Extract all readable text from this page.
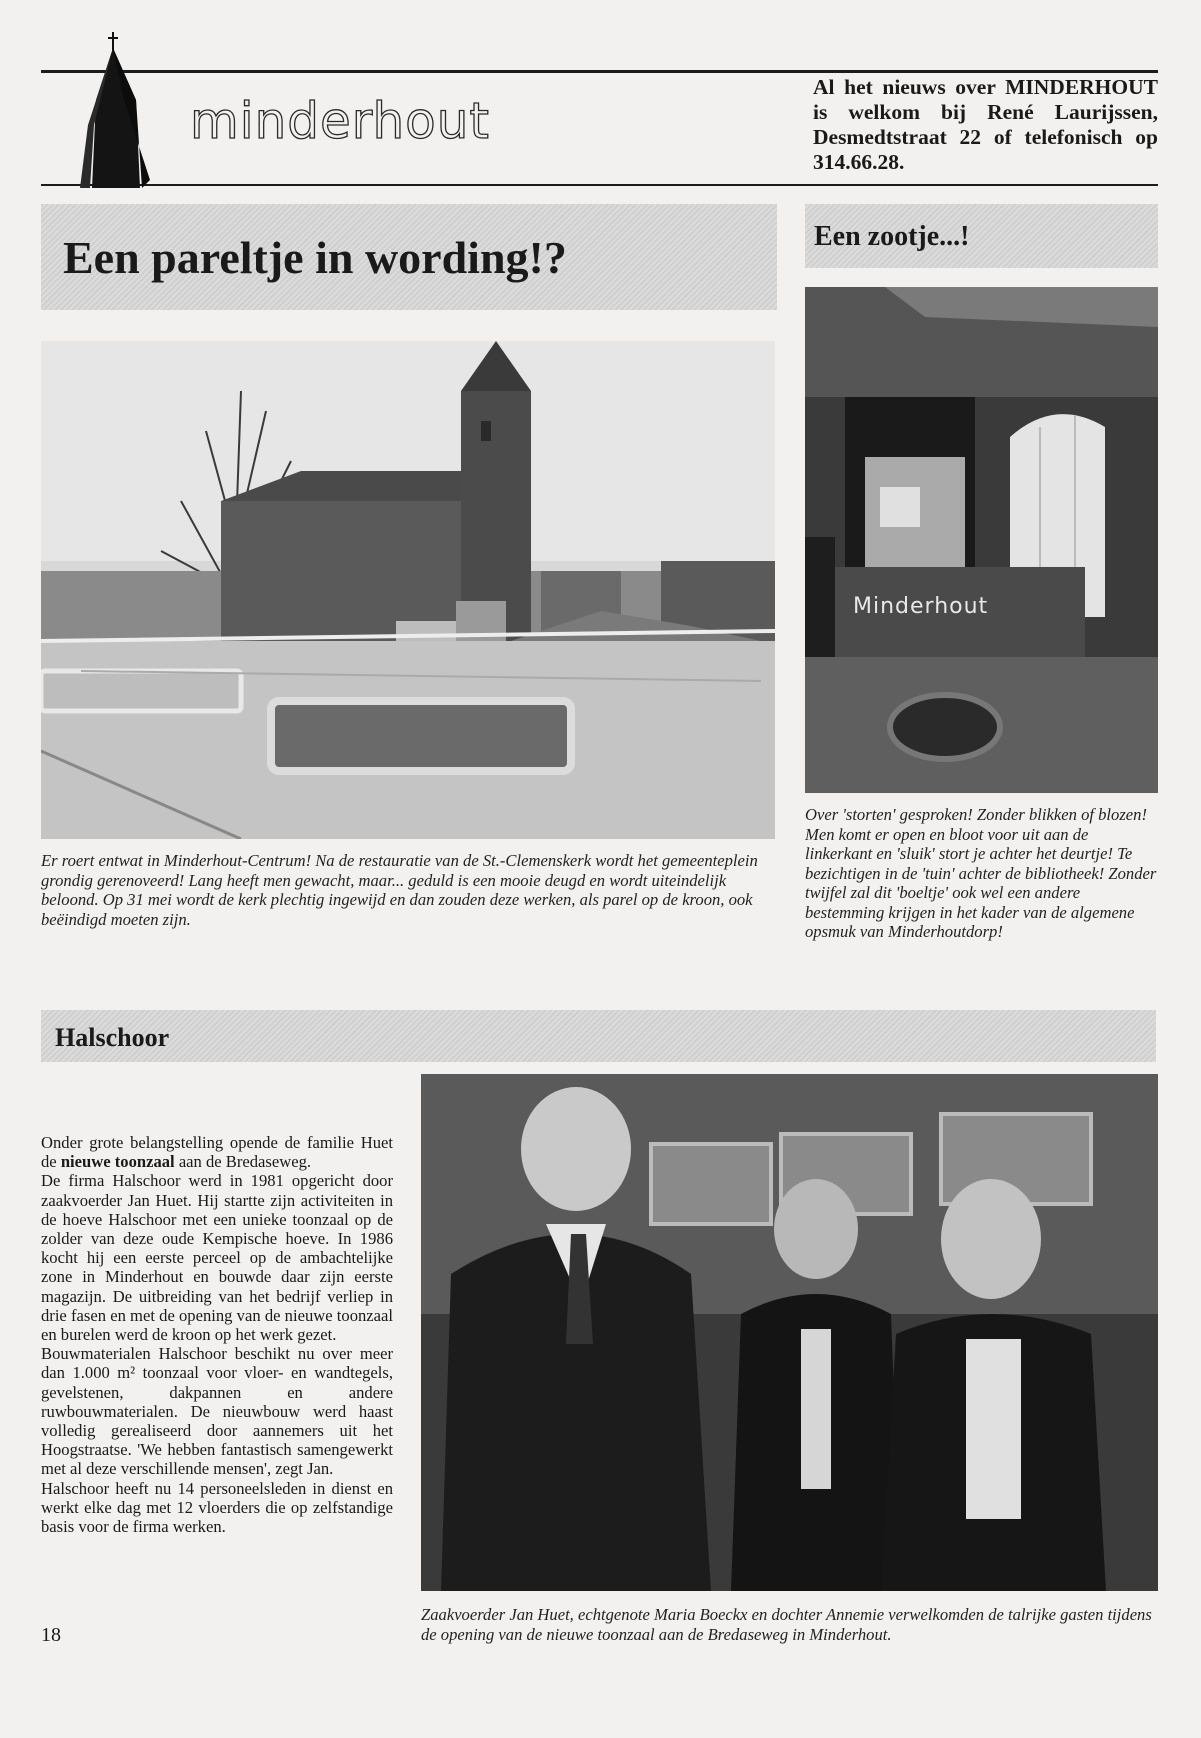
minderhout
Al het nieuws over MINDERHOUT is welkom bij René Laurijssen, Desmedtstraat 22 of telefonisch op 314.66.28.
Een pareltje in wording!?
Er roert entwat in Minderhout-Centrum! Na de restauratie van de St.-Clemenskerk wordt het gemeenteplein grondig gerenoveerd! Lang heeft men gewacht, maar... geduld is een mooie deugd en wordt uiteindelijk beloond. Op 31 mei wordt de kerk plechtig ingewijd en dan zouden deze werken, als parel op de kroon, ook beëindigd moeten zijn.
Een zootje...!
Minderhout
Over 'storten' gesproken! Zonder blikken of blozen! Men komt er open en bloot voor uit aan de linkerkant en 'sluik' stort je achter het deurtje! Te bezichtigen in de 'tuin' achter de bibliotheek! Zonder twijfel zal dit 'boeltje' ook wel een andere bestemming krijgen in het kader van de algemene opsmuk van Minderhoutdorp!
Halschoor

Onder grote belangstelling opende de familie Huet de nieuwe toonzaal aan de Bredaseweg.

De firma Halschoor werd in 1981 opgericht door zaakvoerder Jan Huet. Hij startte zijn activiteiten in de hoeve Halschoor met een unieke toonzaal op de zolder van deze oude Kempische hoeve. In 1986 kocht hij een eerste perceel op de ambachtelijke zone in Minderhout en bouwde daar zijn eerste magazijn. De uitbreiding van het bedrijf verliep in drie fasen en met de opening van de nieuwe toonzaal en burelen werd de kroon op het werk gezet.

Bouwmaterialen Halschoor beschikt nu over meer dan 1.000 m² toonzaal voor vloer- en wandtegels, gevelstenen, dakpannen en andere ruwbouwmaterialen. De nieuwbouw werd haast volledig gerealiseerd door aannemers uit het Hoogstraatse. 'We hebben fantastisch samengewerkt met al deze verschillende mensen', zegt Jan.

Halschoor heeft nu 14 personeelsleden in dienst en werkt elke dag met 12 vloerders die op zelfstandige basis voor de firma werken.

Zaakvoerder Jan Huet, echtgenote Maria Boeckx en dochter Annemie verwelkomden de talrijke gasten tijdens de opening van de nieuwe toonzaal aan de Bredaseweg in Minderhout.
18
